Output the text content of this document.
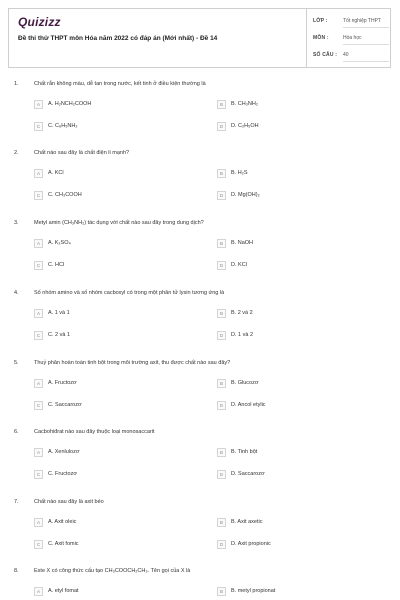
Quizizz
Đề thi thử THPT môn Hóa năm 2022 có đáp án (Mới nhất) - Đề 14
LỚP :	Tốt nghiệp THPT
MÔN :	Hóa học
SỐ CÂU : 40
1.	Chất rắn không màu, dễ tan trong nước, kết tinh ở điều kiện thường là
A	A. H₂NCH₂COOH	B	B. CH₃NH₂
C	C. C₆H₅NH₂	D	D. C₂H₅OH
2.	Chất nào sau đây là chất điện li mạnh?
A	A. KCl	B	B. H₂S
C	C. CH₃COOH	D	D. Mg(OH)₂
3.	Metyl amin (CH₃NH₂) tác dụng với chất nào sau đây trong dung dịch?
A	A. K₂SO₄	B	B. NaOH
C	C. HCl	D	D. KCl
4.	Số nhóm amino và số nhóm cacboxyl có trong một phân tử lysin tương ứng là
A	A. 1 và 1	B	B. 2 và 2
C	C. 2 và 1	D	D. 1 và 2
5.	Thuỷ phân hoàn toàn tinh bột trong môi trường axit, thu được chất nào sau đây?
A	A. Fructozơ	B	B. Glucozơ
C	C. Saccarozơ	D	D. Ancol etylic
6.	Cacbohiđrat nào sau đây thuộc loại monosaccarit
A	A. Xenlulozơ	B	B. Tinh bột
C	C. Fructozơ	D	D. Saccarozơ
7.	Chất nào sau đây là axit béo
A	A. Axit oleic	B	B. Axit axetic
C	C. Axit fomic	D	D. Axit propionic
8.	Este X có công thức cấu tạo CH₃COOCH₂CH₃. Tên gọi của X là
A	A. etyl fomat	B	B. metyl propionat
